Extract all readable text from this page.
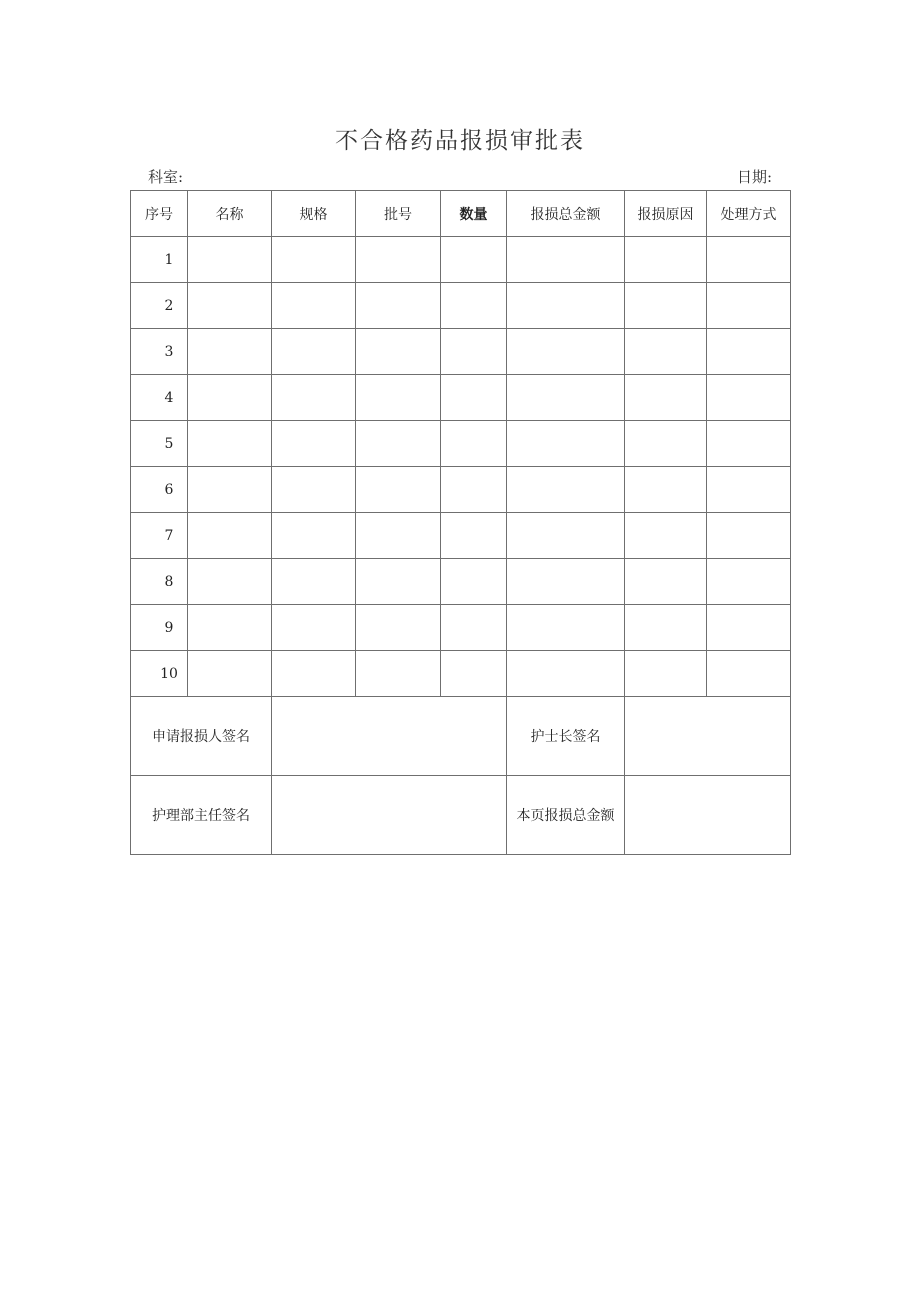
不合格药品报损审批表
科室:	日期:
序号	名称	规格	批号	数量	报损总金额	报损原因	处理方式
1							
2							
3							
4							
5							
6							
7							
8							
9							
10							
申请报损人签名					护士长签名		
护理部主任签名					本页报损总金额		
